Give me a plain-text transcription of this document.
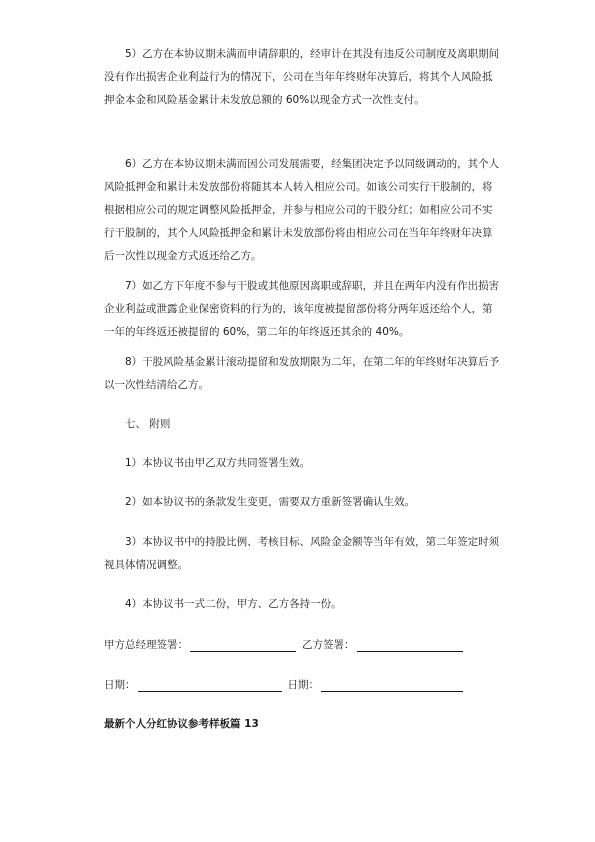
5）乙方在本协议期未满而申请辞职的，经审计在其没有违反公司制度及离职期间没有作出损害企业利益行为的情况下，公司在当年年终财年决算后，将其个人风险抵押金本金和风险基金累计未发放总额的 60%以现金方式一次性支付。

6）乙方在本协议期未满而因公司发展需要，经集团决定予以同级调动的，其个人风险抵押金和累计未发放部份将随其本人转入相应公司。如该公司实行干股制的，将根据相应公司的规定调整风险抵押金，并参与相应公司的干股分红；如相应公司不实行干股制的，其个人风险抵押金和累计未发放部份将由相应公司在当年年终财年决算后一次性以现金方式返还给乙方。

7）如乙方下年度不参与干股或其他原因离职或辞职，并且在两年内没有作出损害企业利益或泄露企业保密资料的行为的，该年度被提留部份将分两年返还给个人，第一年的年终返还被提留的 60%，第二年的年终返还其余的 40%。

8）干股风险基金累计滚动提留和发放期限为二年，在第二年的年终财年决算后予以一次性结清给乙方。

七、 附则

1）本协议书由甲乙双方共同签署生效。

2）如本协议书的条款发生变更，需要双方重新签署确认生效。

3）本协议书中的持股比例、考核目标、风险金金额等当年有效，第二年签定时须视具体情况调整。

4）本协议书一式二份，甲方、乙方各持一份。

甲方总经理签署：	乙方签署：
日期：	日期：
最新个人分红协议参考样板篇 13
